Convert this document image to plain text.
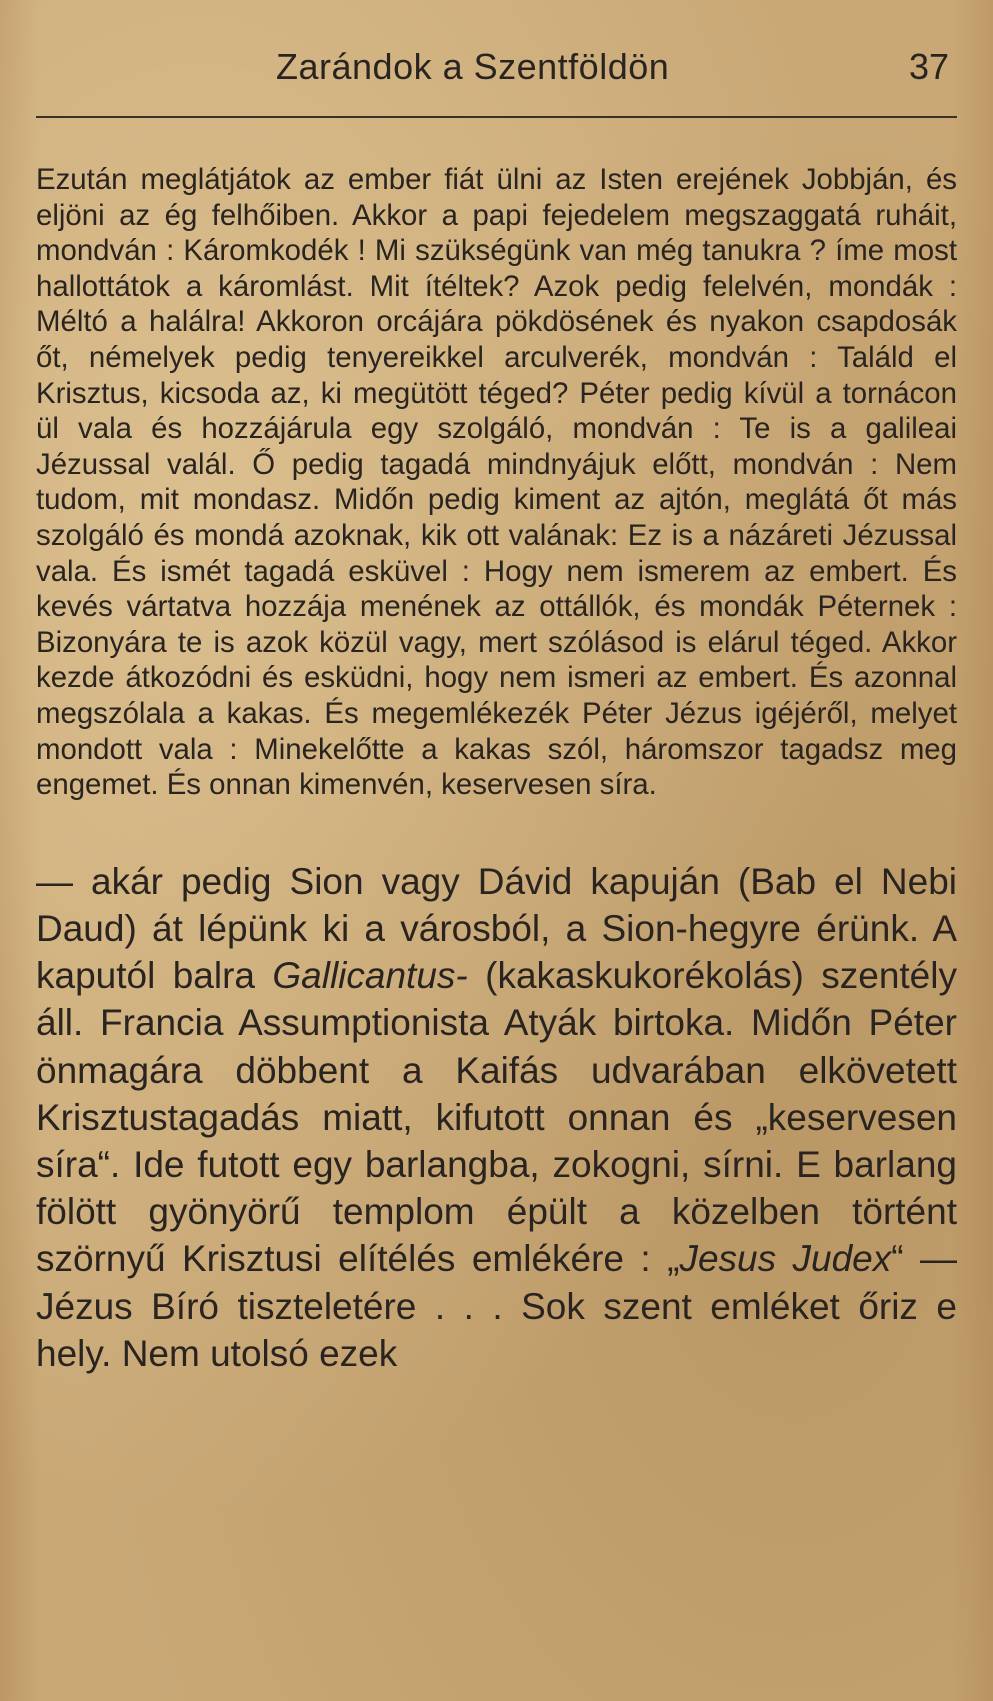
Zarándok a Szentföldön	37

Ezután meglátjátok az ember fiát ülni az Isten erejének Jobbján, és eljöni az ég felhőiben. Akkor a papi fejedelem megszaggatá ruháit, mondván : Káromkodék ! Mi szükségünk van még tanukra ? íme most hallottátok a káromlást. Mit ítéltek? Azok pedig felelvén, mondák : Méltó a halálra! Akkoron orcájára pökdösének és nyakon csapdosák őt, némelyek pedig tenyereikkel arculverék, mondván : Találd el Krisztus, kicsoda az, ki megütött téged? Péter pedig kívül a tornácon ül vala és hozzájárula egy szolgáló, mondván : Te is a galileai Jézussal valál. Ő pedig tagadá mindnyájuk előtt, mondván : Nem tudom, mit mondasz. Midőn pedig kiment az ajtón, meglátá őt más szolgáló és mondá azoknak, kik ott valának: Ez is a názáreti Jézussal vala. És ismét tagadá esküvel : Hogy nem ismerem az embert. És kevés vártatva hozzája menének az ottállók, és mondák Péternek : Bizonyára te is azok közül vagy, mert szólásod is elárul téged. Akkor kezde átkozódni és esküdni, hogy nem ismeri az embert. És azonnal megszólala a kakas. És megemlékezék Péter Jézus igéjéről, melyet mondott vala : Minekelőtte a kakas szól, háromszor tagadsz meg engemet. És onnan kimenvén, keservesen síra.

— akár pedig Sion vagy Dávid kapuján (Bab el Nebi Daud) át lépünk ki a városból, a Sion-hegyre érünk. A kaputól balra Gallicantus- (kakaskukorékolás) szentély áll. Francia Assumptionista Atyák birtoka. Midőn Péter önmagára döbbent a Kaifás udvarában elkövetett Krisztustagadás miatt, kifutott onnan és „keservesen síra“. Ide futott egy barlangba, zokogni, sírni. E barlang fölött gyönyörű templom épült a közelben történt szörnyű Krisztusi elítélés emlékére : „Jesus Judex“ — Jézus Bíró tiszteletére . . . Sok szent emléket őriz e hely. Nem utolsó ezek
